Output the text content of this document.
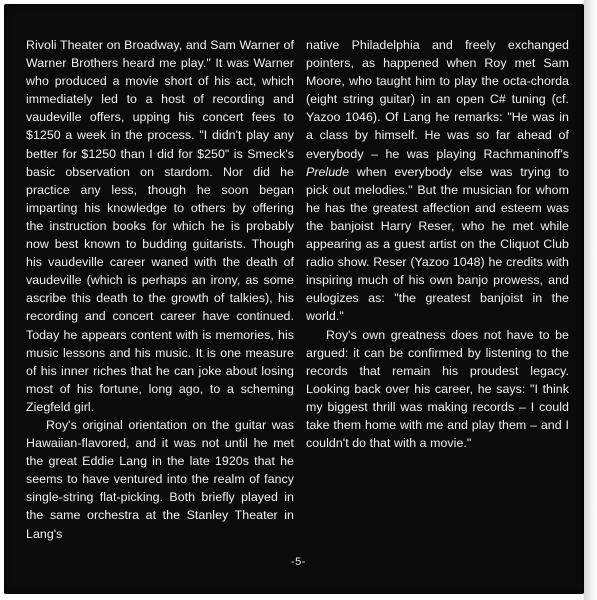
Rivoli Theater on Broadway, and Sam Warner of Warner Brothers heard me play." It was Warner who produced a movie short of his act, which immediately led to a host of recording and vaudeville offers, upping his concert fees to $1250 a week in the process. "I didn't play any better for $1250 than I did for $250" is Smeck's basic observation on stardom. Nor did he practice any less, though he soon began imparting his knowledge to others by offering the instruction books for which he is probably now best known to budding guitarists. Though his vaudeville career waned with the death of vaudeville (which is perhaps an irony, as some ascribe this death to the growth of talkies), his recording and concert career have continued. Today he appears content with is memories, his music lessons and his music. It is one measure of his inner riches that he can joke about losing most of his fortune, long ago, to a scheming Ziegfeld girl.

Roy's original orientation on the guitar was Hawaiian-flavored, and it was not until he met the great Eddie Lang in the late 1920s that he seems to have ventured into the realm of fancy single-string flat-picking. Both briefly played in the same orchestra at the Stanley Theater in Lang's

native Philadelphia and freely exchanged pointers, as happened when Roy met Sam Moore, who taught him to play the octa-chorda (eight string guitar) in an open C# tuning (cf. Yazoo 1046). Of Lang he remarks: "He was in a class by himself. He was so far ahead of everybody – he was playing Rachmaninoff's Prelude when everybody else was trying to pick out melodies." But the musician for whom he has the greatest affection and esteem was the banjoist Harry Reser, who he met while appearing as a guest artist on the Cliquot Club radio show. Reser (Yazoo 1048) he credits with inspiring much of his own banjo prowess, and eulogizes as: "the greatest banjoist in the world."

Roy's own greatness does not have to be argued: it can be confirmed by listening to the records that remain his proudest legacy. Looking back over his career, he says: "I think my biggest thrill was making records – I could take them home with me and play them – and I couldn't do that with a movie."

-5-
